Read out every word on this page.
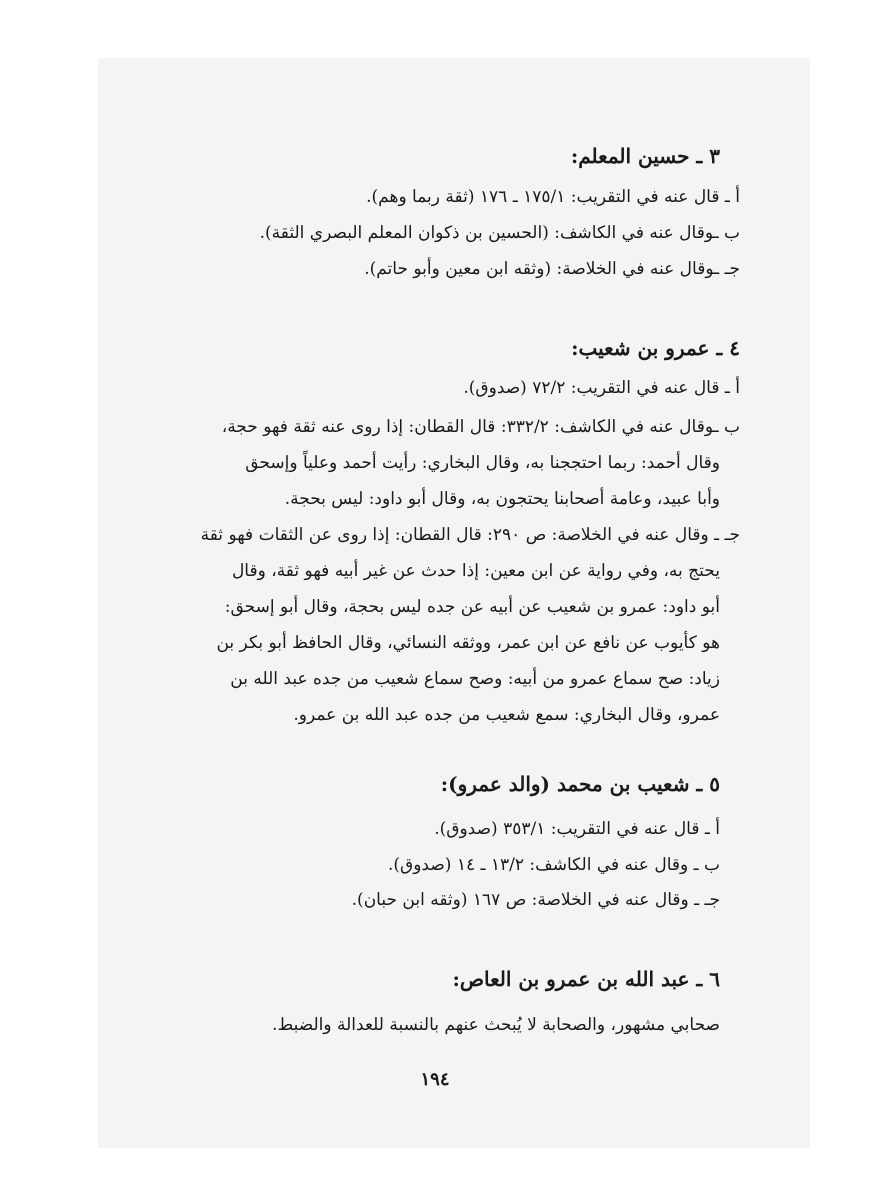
٣ ـ حسين المعلم:
أ ـ قال عنه في التقريب: ١٧٥/١ ـ ١٧٦ (ثقة ربما وهم).
ب ـوقال عنه في الكاشف: (الحسين بن ذكوان المعلم البصري الثقة).
جـ ـوقال عنه في الخلاصة: (وثقه ابن معين وأبو حاتم).
٤ ـ عمرو بن شعيب:
أ ـ قال عنه في التقريب: ٧٢/٢ (صدوق).
ب ـوقال عنه في الكاشف: ٣٣٢/٢: قال القطان: إذا روى عنه ثقة فهو حجة،
وقال أحمد: ربما احتججنا به، وقال البخاري: رأيت أحمد وعلياً وإسحق
وأبا عبيد، وعامة أصحابنا يحتجون به، وقال أبو داود: ليس بحجة.
جـ ـ وقال عنه في الخلاصة: ص ٢٩٠: قال القطان: إذا روى عن الثقات فهو ثقة
يحتج به، وفي رواية عن ابن معين: إذا حدث عن غير أبيه فهو ثقة، وقال
أبو داود: عمرو بن شعيب عن أبيه عن جده ليس بحجة، وقال أبو إسحق:
هو كأيوب عن نافع عن ابن عمر، ووثقه النسائي، وقال الحافظ أبو بكر بن
زياد: صح سماع عمرو من أبيه: وصح سماع شعيب من جده عبد الله بن
عمرو، وقال البخاري: سمع شعيب من جده عبد الله بن عمرو.
٥ ـ شعيب بن محمد (والد عمرو):
أ ـ قال عنه في التقريب: ٣٥٣/١ (صدوق).
ب ـ وقال عنه في الكاشف: ١٣/٢ ـ ١٤ (صدوق).
جـ ـ وقال عنه في الخلاصة: ص ١٦٧ (وثقه ابن حبان).
٦ ـ عبد الله بن عمرو بن العاص:
صحابي مشهور، والصحابة لا يُبحث عنهم بالنسبة للعدالة والضبط.
١٩٤
